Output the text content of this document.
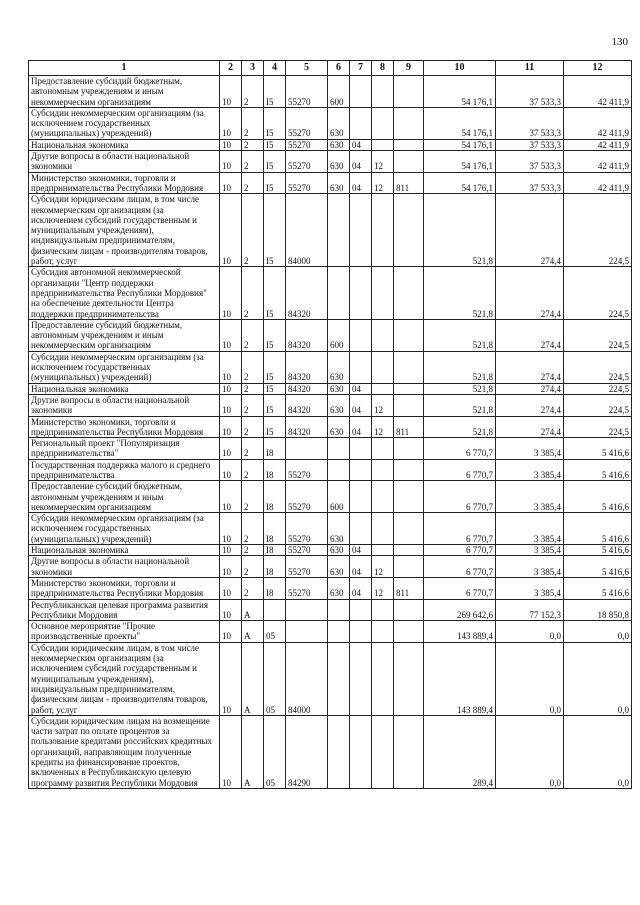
130
1	2	3	4	5	6	7	8	9	10	11	12
Предоставление субсидий бюджетным, автономным учреждениям и иным некоммерческим организациям	10	2	I5	55270	600				54 176,1	37 533,3	42 411,9
Субсидии некоммерческим организациям (за исключением государственных (муниципальных) учреждений)	10	2	I5	55270	630				54 176,1	37 533,3	42 411,9
Национальная экономика	10	2	I5	55270	630	04			54 176,1	37 533,3	42 411,9
Другие вопросы в области национальной экономики	10	2	I5	55270	630	04	12		54 176,1	37 533,3	42 411,9
Министерство экономики, торговли и предпринимательства Республики Мордовия	10	2	I5	55270	630	04	12	811	54 176,1	37 533,3	42 411,9
Субсидии юридическим лицам, в том числе некоммерческим организациям (за исключением субсидий государственным и муниципальным учреждениям), индивидуальным предпринимателям, физическим лицам - производителям товаров, работ, услуг	10	2	I5	84000					521,8	274,4	224,5
Субсидия автономной некоммерческой организации "Центр поддержки предпринимательства Республики Мордовия" на обеспечение деятельности Центра поддержки предпринимательства	10	2	I5	84320					521,8	274,4	224,5
Предоставление субсидий бюджетным, автономным учреждениям и иным некоммерческим организациям	10	2	I5	84320	600				521,8	274,4	224,5
Субсидии некоммерческим организациям (за исключением государственных (муниципальных) учреждений)	10	2	I5	84320	630				521,8	274,4	224,5
Национальная экономика	10	2	I5	84320	630	04			521,8	274,4	224,5
Другие вопросы в области национальной экономики	10	2	I5	84320	630	04	12		521,8	274,4	224,5
Министерство экономики, торговли и предпринимательства Республики Мордовия	10	2	I5	84320	630	04	12	811	521,8	274,4	224,5
Региональный проект "Популяризация предпринимательства"	10	2	I8						6 770,7	3 385,4	5 416,6
Государственная поддержка малого и среднего предпринимательства	10	2	I8	55270					6 770,7	3 385,4	5 416,6
Предоставление субсидий бюджетным, автономным учреждениям и иным некоммерческим организациям	10	2	I8	55270	600				6 770,7	3 385,4	5 416,6
Субсидии некоммерческим организациям (за исключением государственных (муниципальных) учреждений)	10	2	I8	55270	630				6 770,7	3 385,4	5 416,6
Национальная экономика	10	2	I8	55270	630	04			6 770,7	3 385,4	5 416,6
Другие вопросы в области национальной экономики	10	2	I8	55270	630	04	12		6 770,7	3 385,4	5 416,6
Министерство экономики, торговли и предпринимательства Республики Мордовия	10	2	I8	55270	630	04	12	811	6 770,7	3 385,4	5 416,6
Республиканская целевая программа развития Республики Мордовия	10	А							269 642,6	77 152,3	18 850,8
Основное мероприятие "Прочие производственные проекты"	10	А	05						143 889,4	0,0	0,0
Субсидии юридическим лицам, в том числе некоммерческим организациям (за исключением субсидий государственным и муниципальным учреждениям), индивидуальным предпринимателям, физическим лицам - производителям товаров, работ, услуг	10	А	05	84000					143 889,4	0,0	0,0
Субсидии юридическим лицам на возмещение части затрат по оплате процентов за пользование кредитами российских кредитных организаций, направляющим полученные кредиты на финансирование проектов, включенных в Республиканскую целевую программу развития Республики Мордовия	10	А	05	84290					289,4	0,0	0,0
